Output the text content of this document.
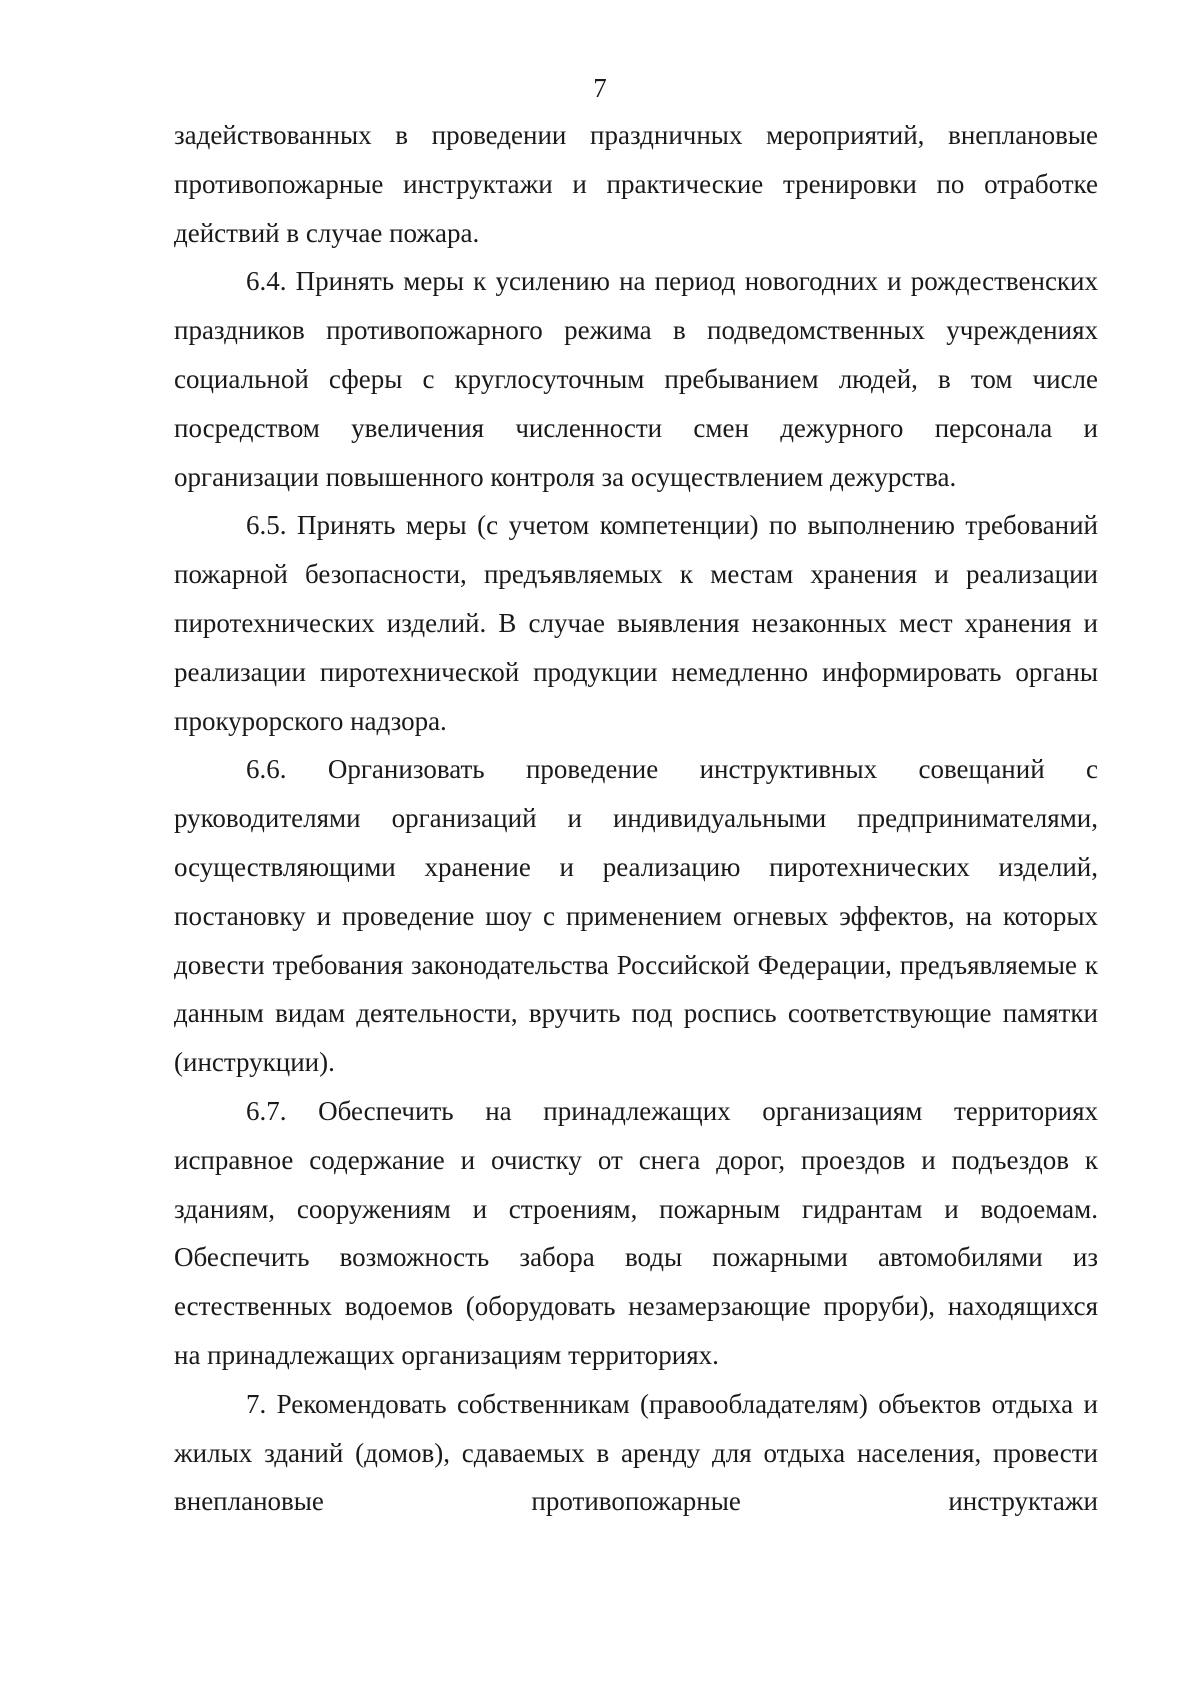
7

задействованных в проведении праздничных мероприятий, внеплановые противопожарные инструктажи и практические тренировки по отработке действий в случае пожара.

6.4. Принять меры к усилению на период новогодних и рождественских праздников противопожарного режима в подведомственных учреждениях социальной сферы с круглосуточным пребыванием людей, в том числе посредством увеличения численности смен дежурного персонала и организации повышенного контроля за осуществлением дежурства.

6.5. Принять меры (с учетом компетенции) по выполнению требований пожарной безопасности, предъявляемых к местам хранения и реализации пиротехнических изделий. В случае выявления незаконных мест хранения и реализации пиротехнической продукции немедленно информировать органы прокурорского надзора.

6.6. Организовать проведение инструктивных совещаний с руководителями организаций и индивидуальными предпринимателями, осуществляющими хранение и реализацию пиротехнических изделий, постановку и проведение шоу с применением огневых эффектов, на которых довести требования законодательства Российской Федерации, предъявляемые к данным видам деятельности, вручить под роспись соответствующие памятки (инструкции).

6.7. Обеспечить на принадлежащих организациям территориях исправное содержание и очистку от снега дорог, проездов и подъездов к зданиям, сооружениям и строениям, пожарным гидрантам и водоемам. Обеспечить возможность забора воды пожарными автомобилями из естественных водоемов (оборудовать незамерзающие проруби), находящихся на принадлежащих организациям территориях.

7. Рекомендовать собственникам (правообладателям) объектов отдыха и жилых зданий (домов), сдаваемых в аренду для отдыха населения, провести внеплановые противопожарные инструктажи
